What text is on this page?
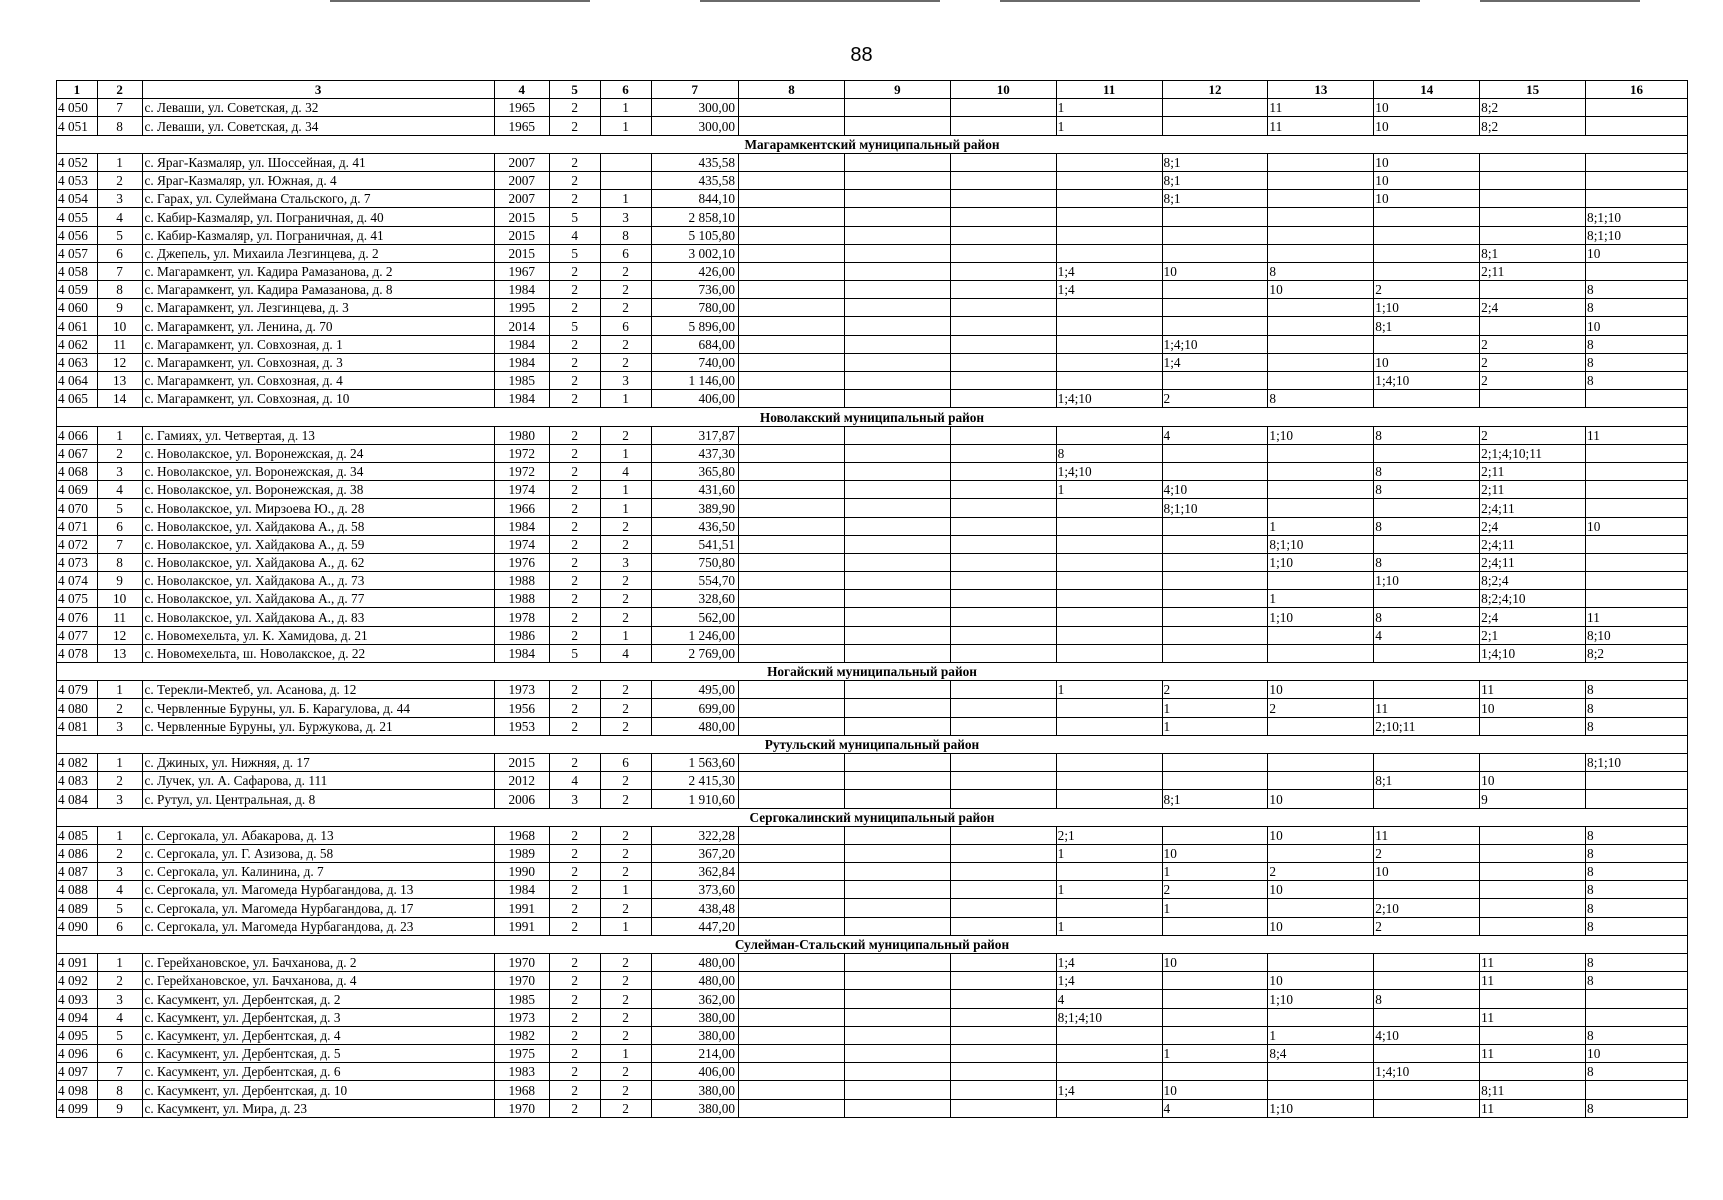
88
1	2	3	4	5	6	7	8	9	10	11	12	13	14	15	16
4 050	7	с. Леваши, ул. Советская, д. 32	1965	2	1	300,00				1		11	10	8;2	
4 051	8	с. Леваши, ул. Советская, д. 34	1965	2	1	300,00				1		11	10	8;2	
Магарамкентский муниципальный район															
4 052	1	с. Яраг-Казмаляр, ул. Шоссейная, д. 41	2007	2		435,58					8;1		10		
4 053	2	с. Яраг-Казмаляр, ул. Южная, д. 4	2007	2		435,58					8;1		10		
4 054	3	с. Гарах, ул. Сулеймана Стальского, д. 7	2007	2	1	844,10					8;1		10		
4 055	4	с. Кабир-Казмаляр, ул. Пограничная, д. 40	2015	5	3	2 858,10									8;1;10
4 056	5	с. Кабир-Казмаляр, ул. Пограничная, д. 41	2015	4	8	5 105,80									8;1;10
4 057	6	с. Джепель, ул. Михаила Лезгинцева, д. 2	2015	5	6	3 002,10								8;1	10
4 058	7	с. Магарамкент, ул. Кадира Рамазанова, д. 2	1967	2	2	426,00				1;4	10	8		2;11	
4 059	8	с. Магарамкент, ул. Кадира Рамазанова, д. 8	1984	2	2	736,00				1;4		10	2		8
4 060	9	с. Магарамкент, ул. Лезгинцева, д. 3	1995	2	2	780,00							1;10	2;4	8
4 061	10	с. Магарамкент, ул. Ленина, д. 70	2014	5	6	5 896,00							8;1		10
4 062	11	с. Магарамкент, ул. Совхозная, д. 1	1984	2	2	684,00					1;4;10			2	8
4 063	12	с. Магарамкент, ул. Совхозная, д. 3	1984	2	2	740,00					1;4		10	2	8
4 064	13	с. Магарамкент, ул. Совхозная, д. 4	1985	2	3	1 146,00							1;4;10	2	8
4 065	14	с. Магарамкент, ул. Совхозная, д. 10	1984	2	1	406,00				1;4;10	2	8			
Новолакский муниципальный район															
4 066	1	с. Гамиях, ул. Четвертая, д. 13	1980	2	2	317,87					4	1;10	8	2	11
4 067	2	с. Новолакское, ул. Воронежская, д. 24	1972	2	1	437,30				8				2;1;4;10;11	
4 068	3	с. Новолакское, ул. Воронежская, д. 34	1972	2	4	365,80				1;4;10			8	2;11	
4 069	4	с. Новолакское, ул. Воронежская, д. 38	1974	2	1	431,60				1	4;10		8	2;11	
4 070	5	с. Новолакское, ул. Мирзоева Ю., д. 28	1966	2	1	389,90					8;1;10			2;4;11	
4 071	6	с. Новолакское, ул. Хайдакова А., д. 58	1984	2	2	436,50						1	8	2;4	10
4 072	7	с. Новолакское, ул. Хайдакова А., д. 59	1974	2	2	541,51						8;1;10		2;4;11	
4 073	8	с. Новолакское, ул. Хайдакова А., д. 62	1976	2	3	750,80						1;10	8	2;4;11	
4 074	9	с. Новолакское, ул. Хайдакова А., д. 73	1988	2	2	554,70							1;10	8;2;4	
4 075	10	с. Новолакское, ул. Хайдакова А., д. 77	1988	2	2	328,60						1		8;2;4;10	
4 076	11	с. Новолакское, ул. Хайдакова А., д. 83	1978	2	2	562,00						1;10	8	2;4	11
4 077	12	с. Новомехельта, ул. К. Хамидова, д. 21	1986	2	1	1 246,00							4	2;1	8;10
4 078	13	с. Новомехельта, ш. Новолакское, д. 22	1984	5	4	2 769,00								1;4;10	8;2
Ногайский муниципальный район															
4 079	1	с. Терекли-Мектеб, ул. Асанова, д. 12	1973	2	2	495,00				1	2	10		11	8
4 080	2	с. Червленные Буруны, ул. Б. Карагулова, д. 44	1956	2	2	699,00					1	2	11	10	8
4 081	3	с. Червленные Буруны, ул. Буржукова, д. 21	1953	2	2	480,00					1		2;10;11		8
Рутульский муниципальный район															
4 082	1	с. Джиных, ул. Нижняя, д. 17	2015	2	6	1 563,60									8;1;10
4 083	2	с. Лучек, ул. А. Сафарова, д. 111	2012	4	2	2 415,30							8;1	10	
4 084	3	с. Рутул, ул. Центральная, д. 8	2006	3	2	1 910,60					8;1	10		9	
Сергокалинский муниципальный район															
4 085	1	с. Сергокала, ул. Абакарова, д. 13	1968	2	2	322,28				2;1		10	11		8
4 086	2	с. Сергокала, ул. Г. Азизова, д. 58	1989	2	2	367,20				1	10		2		8
4 087	3	с. Сергокала, ул. Калинина, д. 7	1990	2	2	362,84					1	2	10		8
4 088	4	с. Сергокала, ул. Магомеда Нурбагандова, д. 13	1984	2	1	373,60				1	2	10			8
4 089	5	с. Сергокала, ул. Магомеда Нурбагандова, д. 17	1991	2	2	438,48					1		2;10		8
4 090	6	с. Сергокала, ул. Магомеда Нурбагандова, д. 23	1991	2	1	447,20				1		10	2		8
Сулейман-Стальский муниципальный район															
4 091	1	с. Герейхановское, ул. Бачханова, д. 2	1970	2	2	480,00				1;4	10			11	8
4 092	2	с. Герейхановское, ул. Бачханова, д. 4	1970	2	2	480,00				1;4		10		11	8
4 093	3	с. Касумкент, ул. Дербентская, д. 2	1985	2	2	362,00				4		1;10	8		
4 094	4	с. Касумкент, ул. Дербентская, д. 3	1973	2	2	380,00				8;1;4;10				11	
4 095	5	с. Касумкент, ул. Дербентская, д. 4	1982	2	2	380,00						1	4;10		8
4 096	6	с. Касумкент, ул. Дербентская, д. 5	1975	2	1	214,00					1	8;4		11	10
4 097	7	с. Касумкент, ул. Дербентская, д. 6	1983	2	2	406,00							1;4;10		8
4 098	8	с. Касумкент, ул. Дербентская, д. 10	1968	2	2	380,00				1;4	10			8;11	
4 099	9	с. Касумкент, ул. Мира, д. 23	1970	2	2	380,00					4	1;10		11	8
